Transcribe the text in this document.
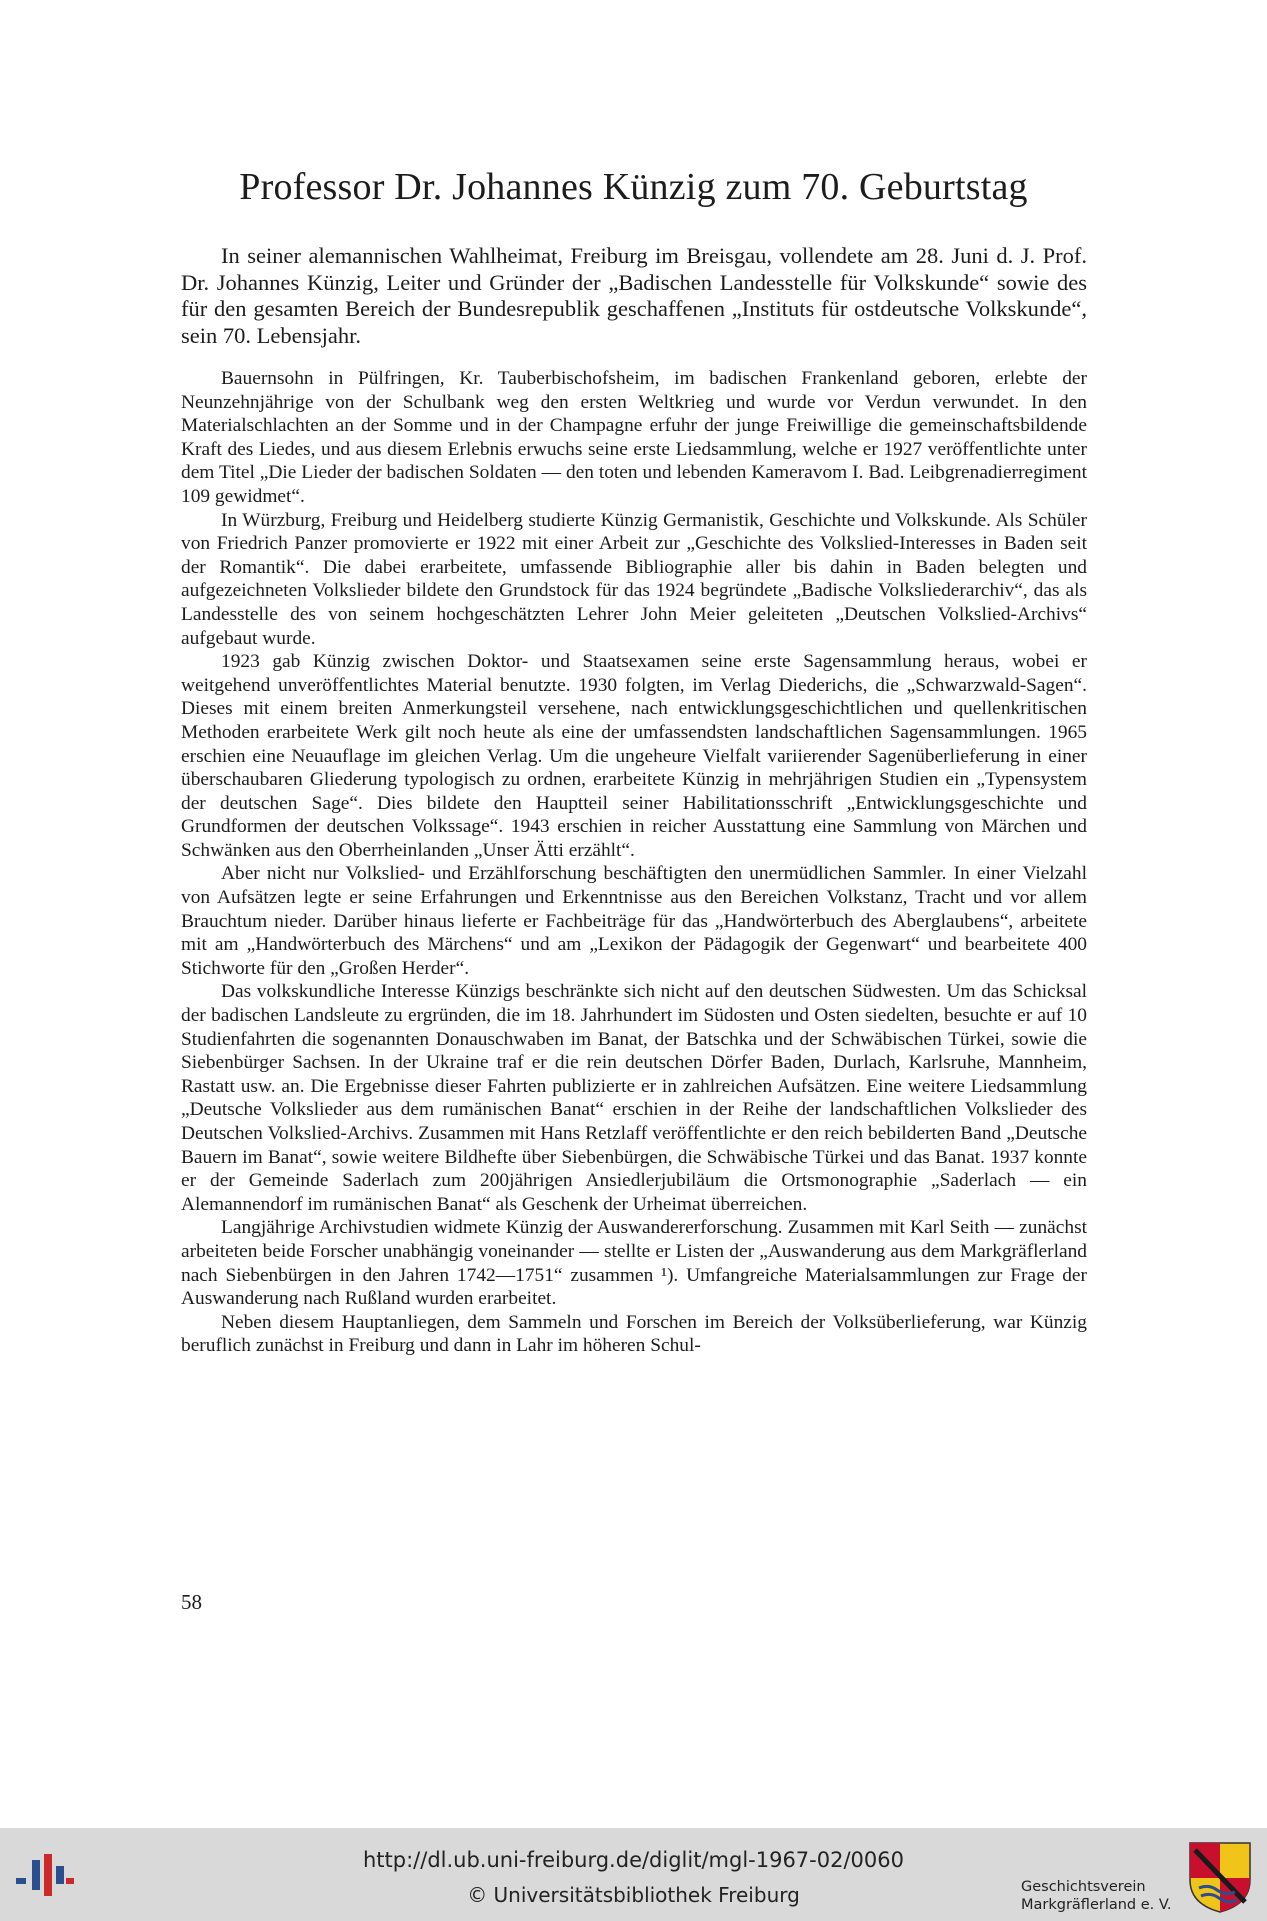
Professor Dr. Johannes Künzig zum 70. Geburtstag

In seiner alemannischen Wahlheimat, Freiburg im Breisgau, vollendete am 28. Juni d. J. Prof. Dr. Johannes Künzig, Leiter und Gründer der „Badischen Landesstelle für Volkskunde“ sowie des für den gesamten Bereich der Bundesrepublik geschaffenen „Instituts für ostdeutsche Volkskunde“, sein 70. Lebensjahr.

Bauernsohn in Pülfringen, Kr. Tauberbischofsheim, im badischen Frankenland geboren, erlebte der Neunzehnjährige von der Schulbank weg den ersten Weltkrieg und wurde vor Verdun verwundet. In den Materialschlachten an der Somme und in der Champagne erfuhr der junge Freiwillige die gemeinschaftsbildende Kraft des Liedes, und aus diesem Erlebnis erwuchs seine erste Liedsammlung, welche er 1927 veröffentlichte unter dem Titel „Die Lieder der badischen Soldaten — den toten und lebenden Kameravom I. Bad. Leibgrenadierregiment 109 gewidmet“.

In Würzburg, Freiburg und Heidelberg studierte Künzig Germanistik, Geschichte und Volkskunde. Als Schüler von Friedrich Panzer promovierte er 1922 mit einer Arbeit zur „Geschichte des Volkslied-Interesses in Baden seit der Romantik“. Die dabei erarbeitete, umfassende Bibliographie aller bis dahin in Baden belegten und aufgezeichneten Volkslieder bildete den Grundstock für das 1924 begründete „Badische Volksliederarchiv“, das als Landesstelle des von seinem hochgeschätzten Lehrer John Meier geleiteten „Deutschen Volkslied-Archivs“ aufgebaut wurde.

1923 gab Künzig zwischen Doktor- und Staatsexamen seine erste Sagensammlung heraus, wobei er weitgehend unveröffentlichtes Material benutzte. 1930 folgten, im Verlag Diederichs, die „Schwarzwald-Sagen“. Dieses mit einem breiten Anmerkungsteil versehene, nach entwicklungsgeschichtlichen und quellenkritischen Methoden erarbeitete Werk gilt noch heute als eine der umfassendsten landschaftlichen Sagensammlungen. 1965 erschien eine Neuauflage im gleichen Verlag. Um die ungeheure Vielfalt variierender Sagenüberlieferung in einer überschaubaren Gliederung typologisch zu ordnen, erarbeitete Künzig in mehrjährigen Studien ein „Typensystem der deutschen Sage“. Dies bildete den Hauptteil seiner Habilitationsschrift „Entwicklungsgeschichte und Grundformen der deutschen Volkssage“. 1943 erschien in reicher Ausstattung eine Sammlung von Märchen und Schwänken aus den Oberrheinlanden „Unser Ätti erzählt“.

Aber nicht nur Volkslied- und Erzählforschung beschäftigten den unermüdlichen Sammler. In einer Vielzahl von Aufsätzen legte er seine Erfahrungen und Erkenntnisse aus den Bereichen Volkstanz, Tracht und vor allem Brauchtum nieder. Darüber hinaus lieferte er Fachbeiträge für das „Handwörterbuch des Aberglaubens“, arbeitete mit am „Handwörterbuch des Märchens“ und am „Lexikon der Pädagogik der Gegenwart“ und bearbeitete 400 Stichworte für den „Großen Herder“.

Das volkskundliche Interesse Künzigs beschränkte sich nicht auf den deutschen Südwesten. Um das Schicksal der badischen Landsleute zu ergründen, die im 18. Jahrhundert im Südosten und Osten siedelten, besuchte er auf 10 Studienfahrten die sogenannten Donauschwaben im Banat, der Batschka und der Schwäbischen Türkei, sowie die Siebenbürger Sachsen. In der Ukraine traf er die rein deutschen Dörfer Baden, Durlach, Karlsruhe, Mannheim, Rastatt usw. an. Die Ergebnisse dieser Fahrten publizierte er in zahlreichen Aufsätzen. Eine weitere Liedsammlung „Deutsche Volkslieder aus dem rumänischen Banat“ erschien in der Reihe der landschaftlichen Volkslieder des Deutschen Volkslied-Archivs. Zusammen mit Hans Retzlaff veröffentlichte er den reich bebilderten Band „Deutsche Bauern im Banat“, sowie weitere Bildhefte über Siebenbürgen, die Schwäbische Türkei und das Banat. 1937 konnte er der Gemeinde Saderlach zum 200jährigen Ansiedlerjubiläum die Ortsmonographie „Saderlach — ein Alemannendorf im rumänischen Banat“ als Geschenk der Urheimat überreichen.

Langjährige Archivstudien widmete Künzig der Auswandererforschung. Zusammen mit Karl Seith — zunächst arbeiteten beide Forscher unabhängig voneinander — stellte er Listen der „Auswanderung aus dem Markgräflerland nach Siebenbürgen in den Jahren 1742—1751“ zusammen ¹). Umfangreiche Materialsammlungen zur Frage der Auswanderung nach Rußland wurden erarbeitet.

Neben diesem Hauptanliegen, dem Sammeln und Forschen im Bereich der Volksüberlieferung, war Künzig beruflich zunächst in Freiburg und dann in Lahr im höheren Schul-

58
http://dl.ub.uni-freiburg.de/diglit/mgl-1967-02/0060
© Universitätsbibliothek Freiburg	Geschichtsverein
Markgräflerland e. V.
